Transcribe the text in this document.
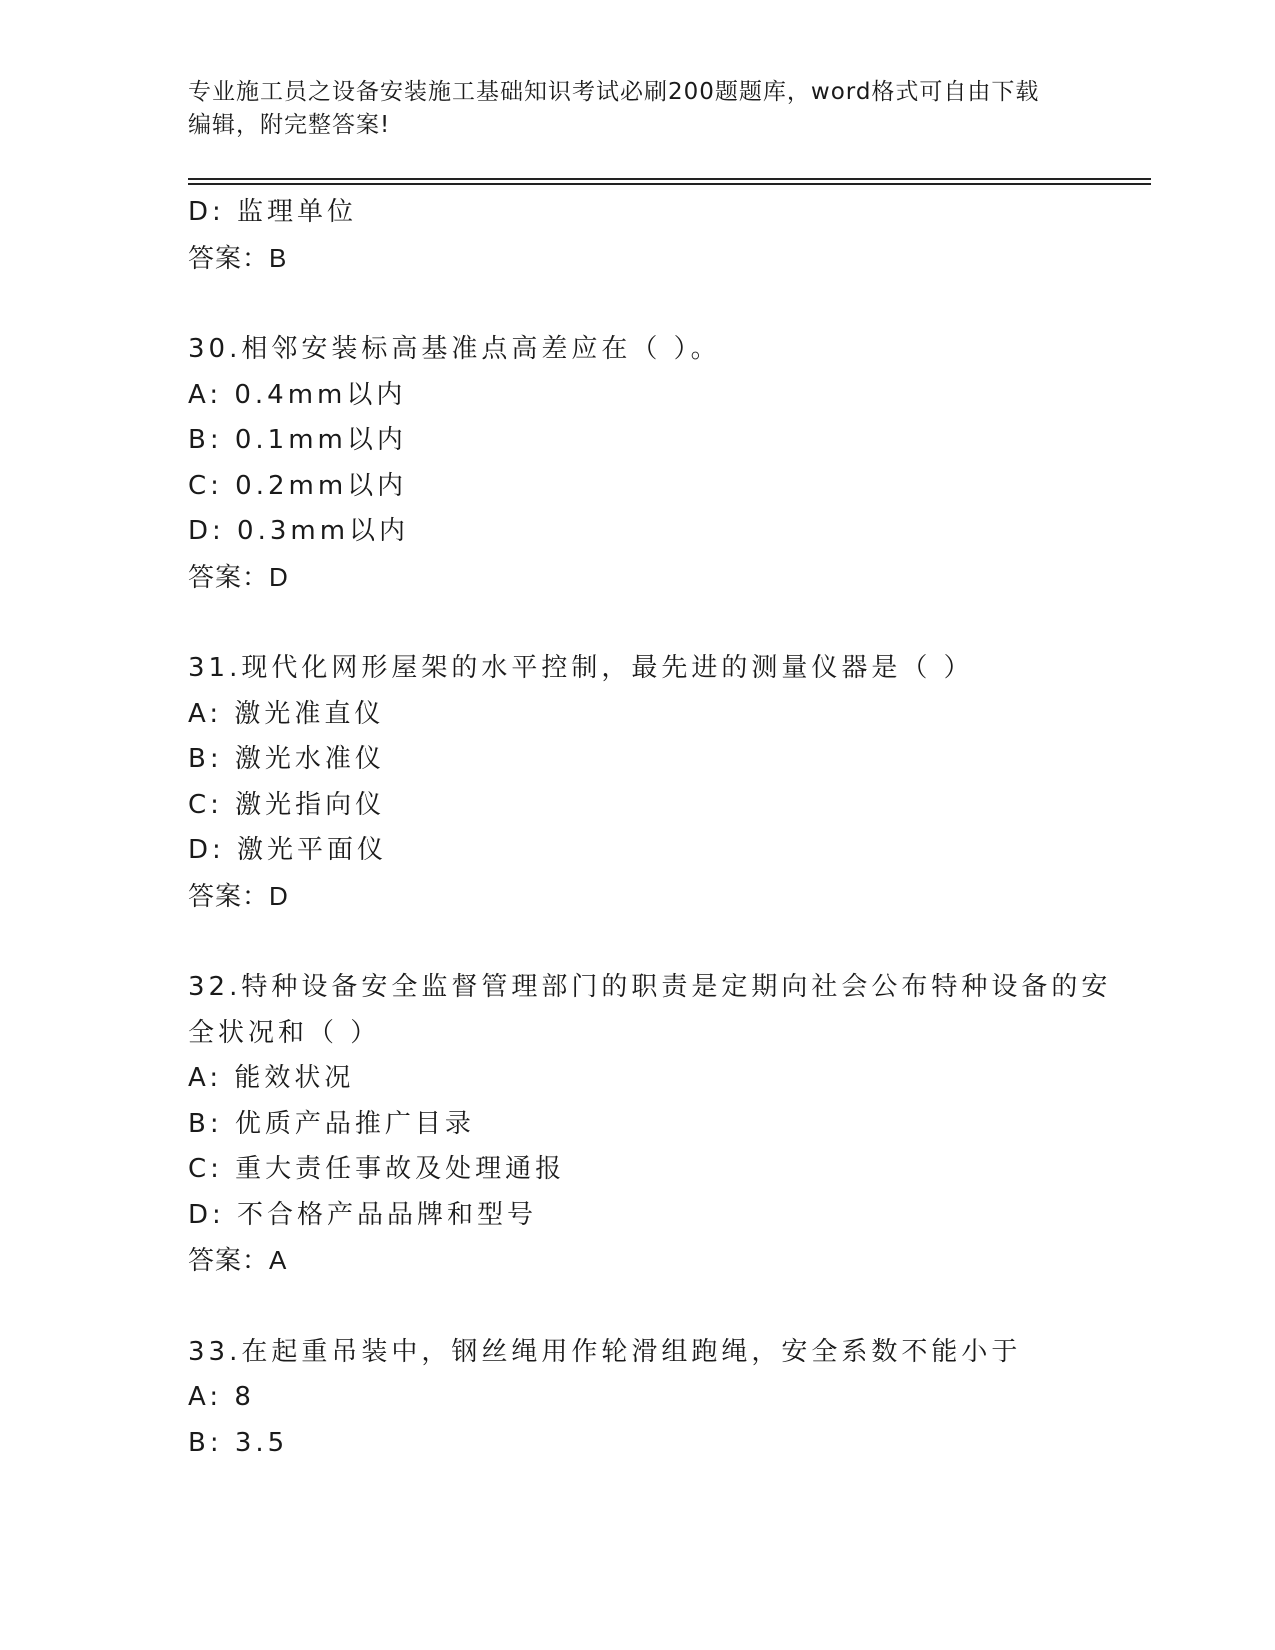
专业施工员之设备安装施工基础知识考试必刷200题题库，word格式可自由下载
编辑，附完整答案!
D: 监理单位
答案：B
30.相邻安装标高基准点高差应在（ ）。
A: 0.4mm以内
B: 0.1mm以内
C: 0.2mm以内
D: 0.3mm以内
答案：D
31.现代化网形屋架的水平控制，最先进的测量仪器是（ ）
A: 激光准直仪
B: 激光水准仪
C: 激光指向仪
D: 激光平面仪
答案：D
32.特种设备安全监督管理部门的职责是定期向社会公布特种设备的安
全状况和（ ）
A: 能效状况
B: 优质产品推广目录
C: 重大责任事故及处理通报
D: 不合格产品品牌和型号
答案：A
33.在起重吊装中，钢丝绳用作轮滑组跑绳，安全系数不能小于
A: 8
B: 3.5
